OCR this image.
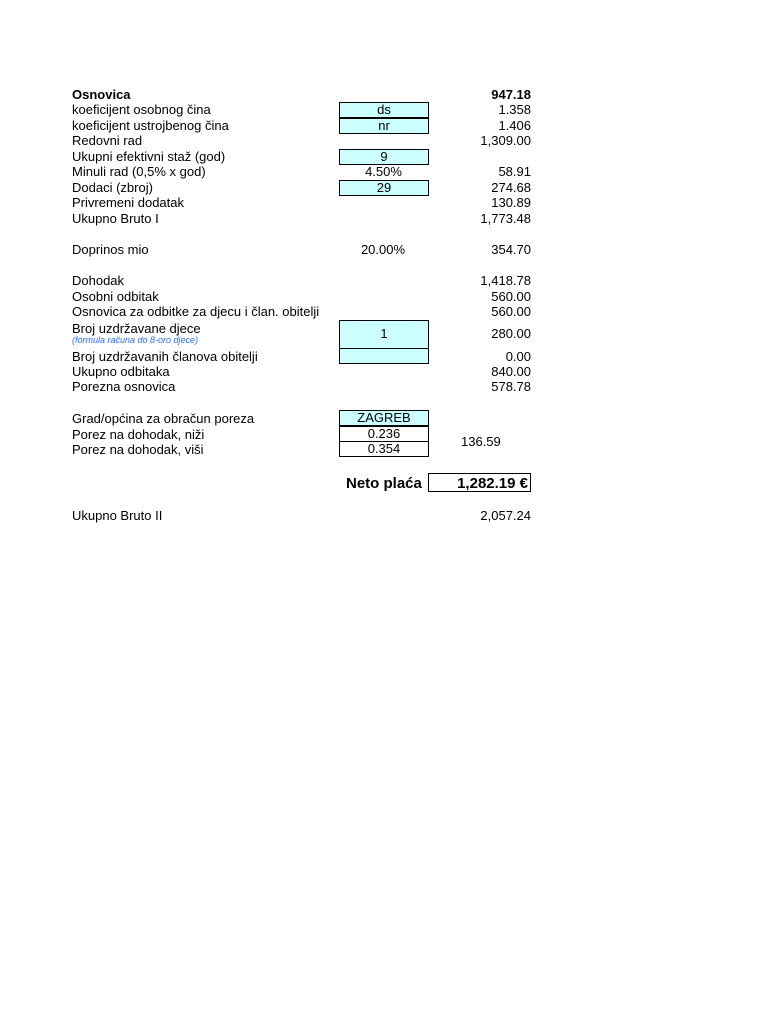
Osnovica	947.18
koeficijent osobnog čina	ds	1.358
koeficijent ustrojbenog čina	nr	1.406
Redovni rad	1,309.00
Ukupni efektivni staž (god)	9
Minuli rad (0,5% x god)	4.50%	58.91
Dodaci (zbroj)	29	274.68
Privremeni dodatak	130.89
Ukupno Bruto I	1,773.48
Doprinos mio	20.00%	354.70
Dohodak	1,418.78
Osobni odbitak	560.00
Osnovica za odbitke za djecu i član. obitelji	560.00
Broj uzdržavane djece
(formula računa do 8-oro djece)	1	280.00
Broj uzdržavanih članova obitelji	0.00
Ukupno odbitaka	840.00
Porezna osnovica	578.78
Grad/općina za obračun poreza	ZAGREB
Porez na dohodak, niži	0.236
Porez na dohodak, viši	0.354	136.59
Neto plaća	1,282.19 €
Ukupno Bruto II	2,057.24
